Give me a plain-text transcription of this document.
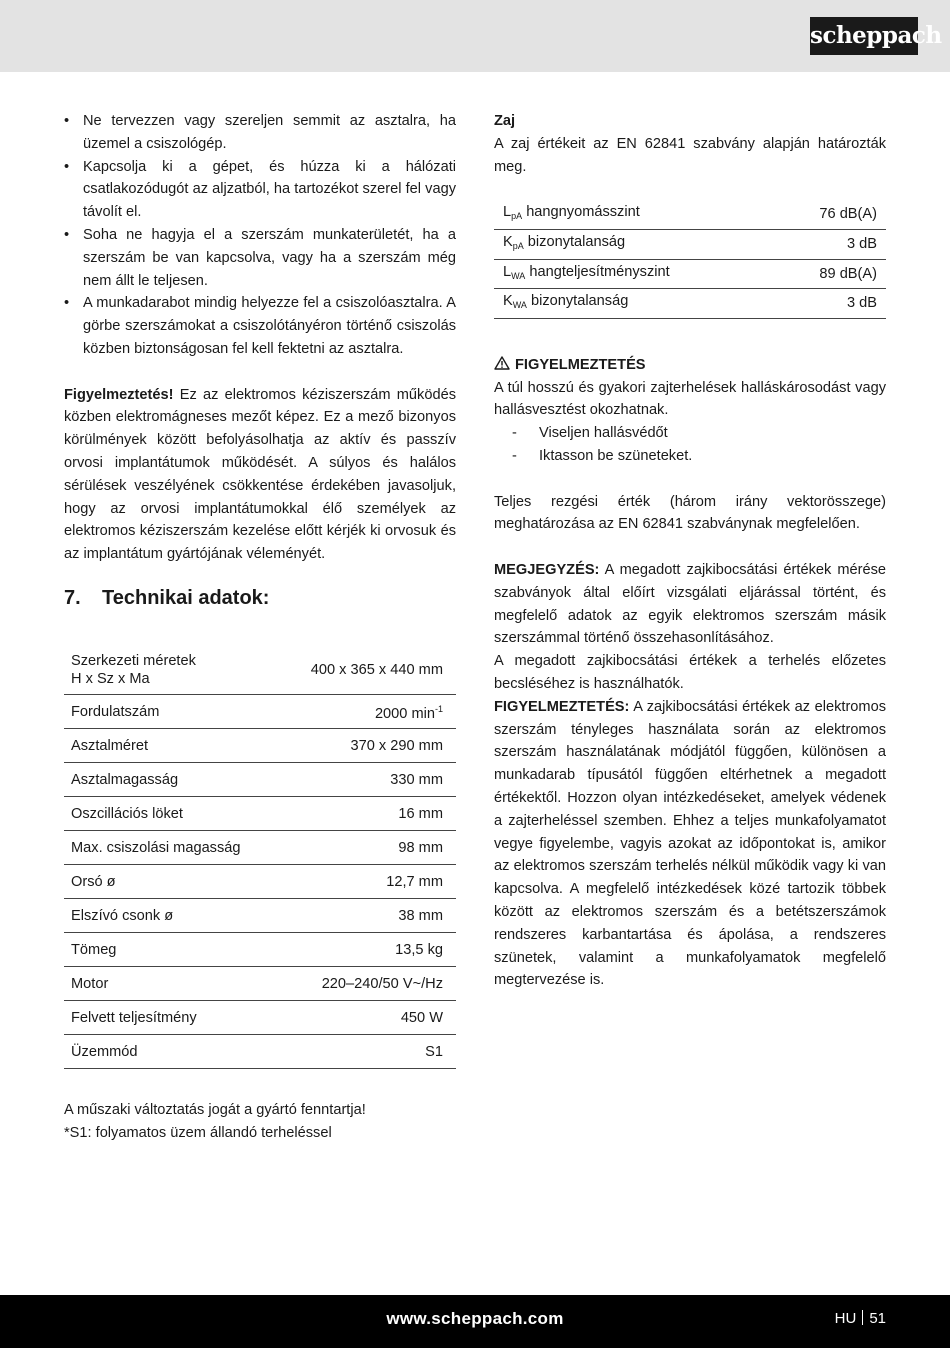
scheppach
• Ne tervezzen vagy szereljen semmit az asztalra, ha üzemel a csiszológép.
• Kapcsolja ki a gépet, és húzza ki a hálózati csatlakozódugót az aljzatból, ha tartozékot szerel fel vagy távolít el.
• Soha ne hagyja el a szerszám munkaterületét, ha a szerszám be van kapcsolva, vagy ha a szerszám még nem állt le teljesen.
• A munkadarabot mindig helyezze fel a csiszolóasztalra. A görbe szerszámokat a csiszolótányéron történő csiszolás közben biztonságosan fel kell fektetni az asztalra.

Figyelmeztetés! Ez az elektromos kéziszerszám működés közben elektromágneses mezőt képez. Ez a mező bizonyos körülmények között befolyásolhatja az aktív és passzív orvosi implantátumok működését. A súlyos és halálos sérülések veszélyének csökkentése érdekében javasoljuk, hogy az orvosi implantátumokkal élő személyek az elektromos kéziszerszám kezelése előtt kérjék ki orvosuk és az implantátum gyártójának véleményét.

7. Technikai adatok:
Szerkezeti méretek
H x Sz x Ma	400 x 365 x 440 mm
Fordulatszám	2000 $\min^{-1}$
Asztalméret	370 x 290 mm
Asztalmagasság	330 mm
Oszcillációs löket	16 mm
Max. csiszolási magasság	98 mm
Orsó ø	12,7 mm
Elszívó csonk ø	38 mm
Tömeg	13,5 kg
Motor	220–240/50 V~/Hz
Felvett teljesítmény	450 W
Üzemmód	S1
A műszaki változtatás jogát a gyártó fenntartja!
*S1: folyamatos üzem állandó terheléssel
Zaj

A zaj értékeit az EN 62841 szabvány alapján határozták meg.

$L_{pA}$ hangnyomásszint	76 dB(A)
$K_{pA}$ bizonytalanság	3 dB
$L_{WA}$ hangteljesítményszint	89 dB(A)
$K_{WA}$ bizonytalanság	3 dB
FIGYELMEZTETÉS

A túl hosszú és gyakori zajterhelések halláskárosodást vagy hallásvesztést okozhatnak.

- Viseljen hallásvédőt
- Iktasson be szüneteket.

Teljes rezgési érték (három irány vektorösszege) meghatározása az EN 62841 szabványnak megfelelően.

MEGJEGYZÉS: A megadott zajkibocsátási értékek mérése szabványok által előírt vizsgálati eljárással történt, és megfelelő adatok az egyik elektromos szerszám másik szerszámmal történő összehasonlításához.

A megadott zajkibocsátási értékek a terhelés előzetes becsléséhez is használhatók.

FIGYELMEZTETÉS: A zajkibocsátási értékek az elektromos szerszám tényleges használata során az elektromos szerszám használatának módjától függően, különösen a munkadarab típusától függően eltérhetnek a megadott értékektől. Hozzon olyan intézkedéseket, amelyek védenek a zajterheléssel szemben. Ehhez a teljes munkafolyamatot vegye figyelembe, vagyis azokat az időpontokat is, amikor az elektromos szerszám terhelés nélkül működik vagy ki van kapcsolva. A megfelelő intézkedések közé tartozik többek között az elektromos szerszám és a betétszerszámok rendszeres karbantartása és ápolása, a rendszeres szünetek, valamint a munkafolyamatok megfelelő megtervezése is.

www.scheppach.com	HU 51
